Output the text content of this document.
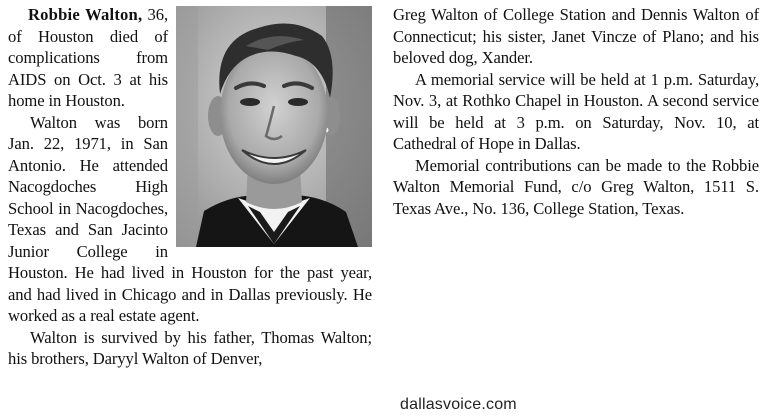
Robbie Walton, 36, of Houston died of complications from AIDS on Oct. 3 at his home in Houston.

Walton was born Jan. 22, 1971, in San Antonio. He attended Nacogdoches High School in Nacogdoches, Texas and San Jacinto Junior College in Houston. He had lived in Houston for the past year, and had lived in Chicago and in Dallas previously. He worked as a real estate agent.

Walton is survived by his father, Thomas Walton; his brothers, Daryyl Walton of Denver,

Greg Walton of College Station and Dennis Walton of Connecticut; his sister, Janet Vincze of Plano; and his beloved dog, Xander.

A memorial service will be held at 1 p.m. Saturday, Nov. 3, at Rothko Chapel in Houston. A second service will be held at 3 p.m. on Saturday, Nov. 10, at Cathedral of Hope in Dallas.

Memorial contributions can be made to the Robbie Walton Memorial Fund, c/o Greg Walton, 1511 S. Texas Ave., No. 136, College Station, Texas.

dallasvoice.com
